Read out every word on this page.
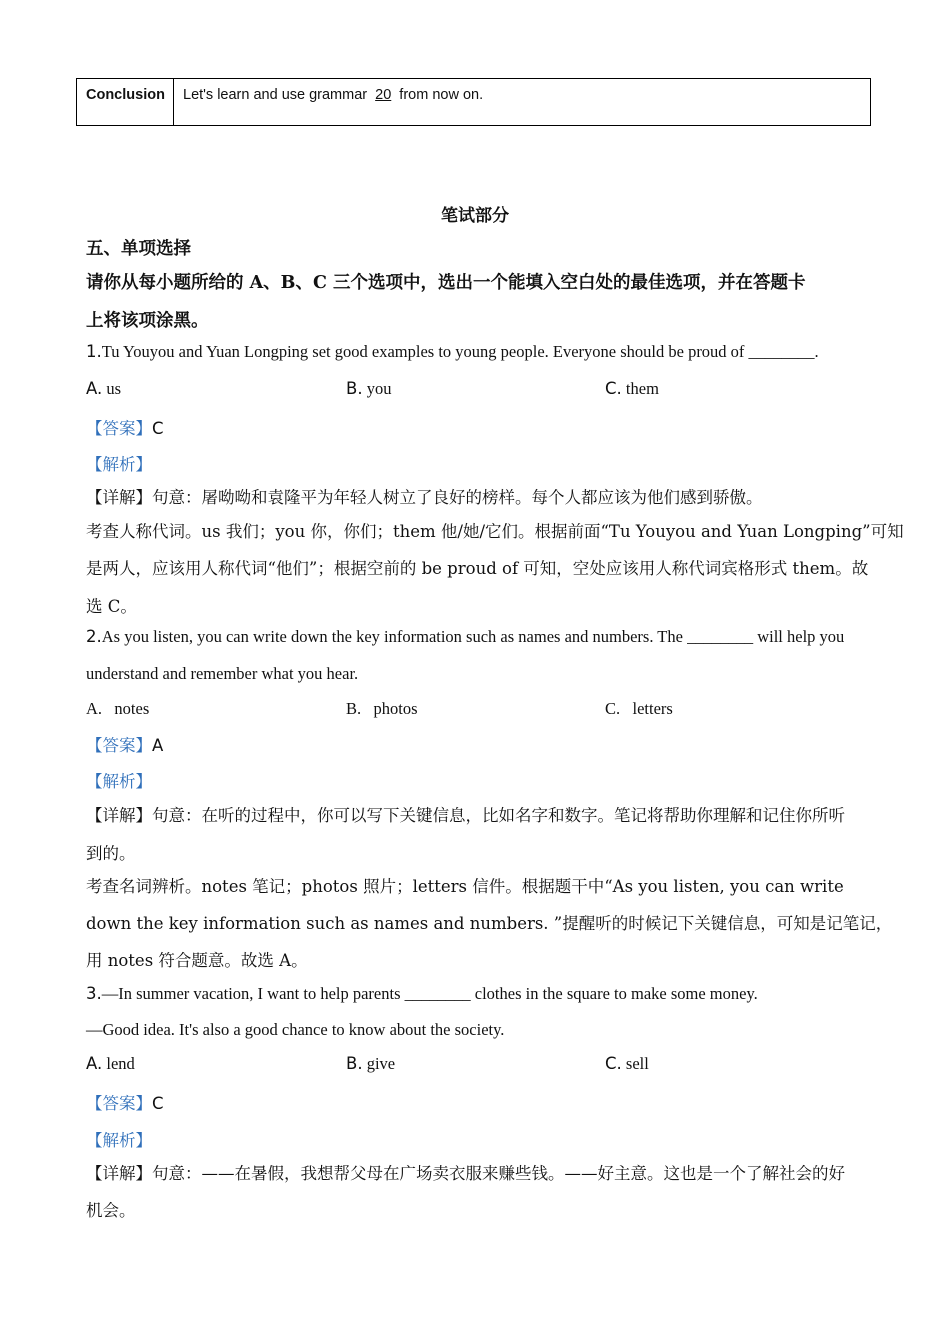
Conclusion	Let's learn and use grammar 20 from now on.
笔试部分
五、单项选择
请你从每小题所给的 A、B、C 三个选项中，选出一个能填入空白处的最佳选项，并在答题卡
上将该项涂黑。
1.Tu Youyou and Yuan Longping set good examples to young people. Everyone should be proud of ________.
A. us	B. you	C. them
【答案】C
【解析】
【详解】句意：屠呦呦和袁隆平为年轻人树立了良好的榜样。每个人都应该为他们感到骄傲。
考查人称代词。us 我们；you 你，你们；them 他/她/它们。根据前面“Tu Youyou and Yuan Longping”可知
是两人，应该用人称代词“他们”；根据空前的 be proud of 可知，空处应该用人称代词宾格形式 them。故
选 C。
2.As you listen, you can write down the key information such as names and numbers. The ________ will help you
understand and remember what you hear.
A.   notes	B.   photos	C.   letters
【答案】A
【解析】
【详解】句意：在听的过程中，你可以写下关键信息，比如名字和数字。笔记将帮助你理解和记住你所听
到的。
考查名词辨析。notes 笔记；photos 照片；letters 信件。根据题干中“As you listen, you can write
down the key information such as names and numbers. ”提醒听的时候记下关键信息，可知是记笔记，
用 notes 符合题意。故选 A。
3.—In summer vacation, I want to help parents ________ clothes in the square to make some money.
—Good idea. It's also a good chance to know about the society.
A. lend	B. give	C. sell
【答案】C
【解析】
【详解】句意：——在暑假，我想帮父母在广场卖衣服来赚些钱。——好主意。这也是一个了解社会的好
机会。
